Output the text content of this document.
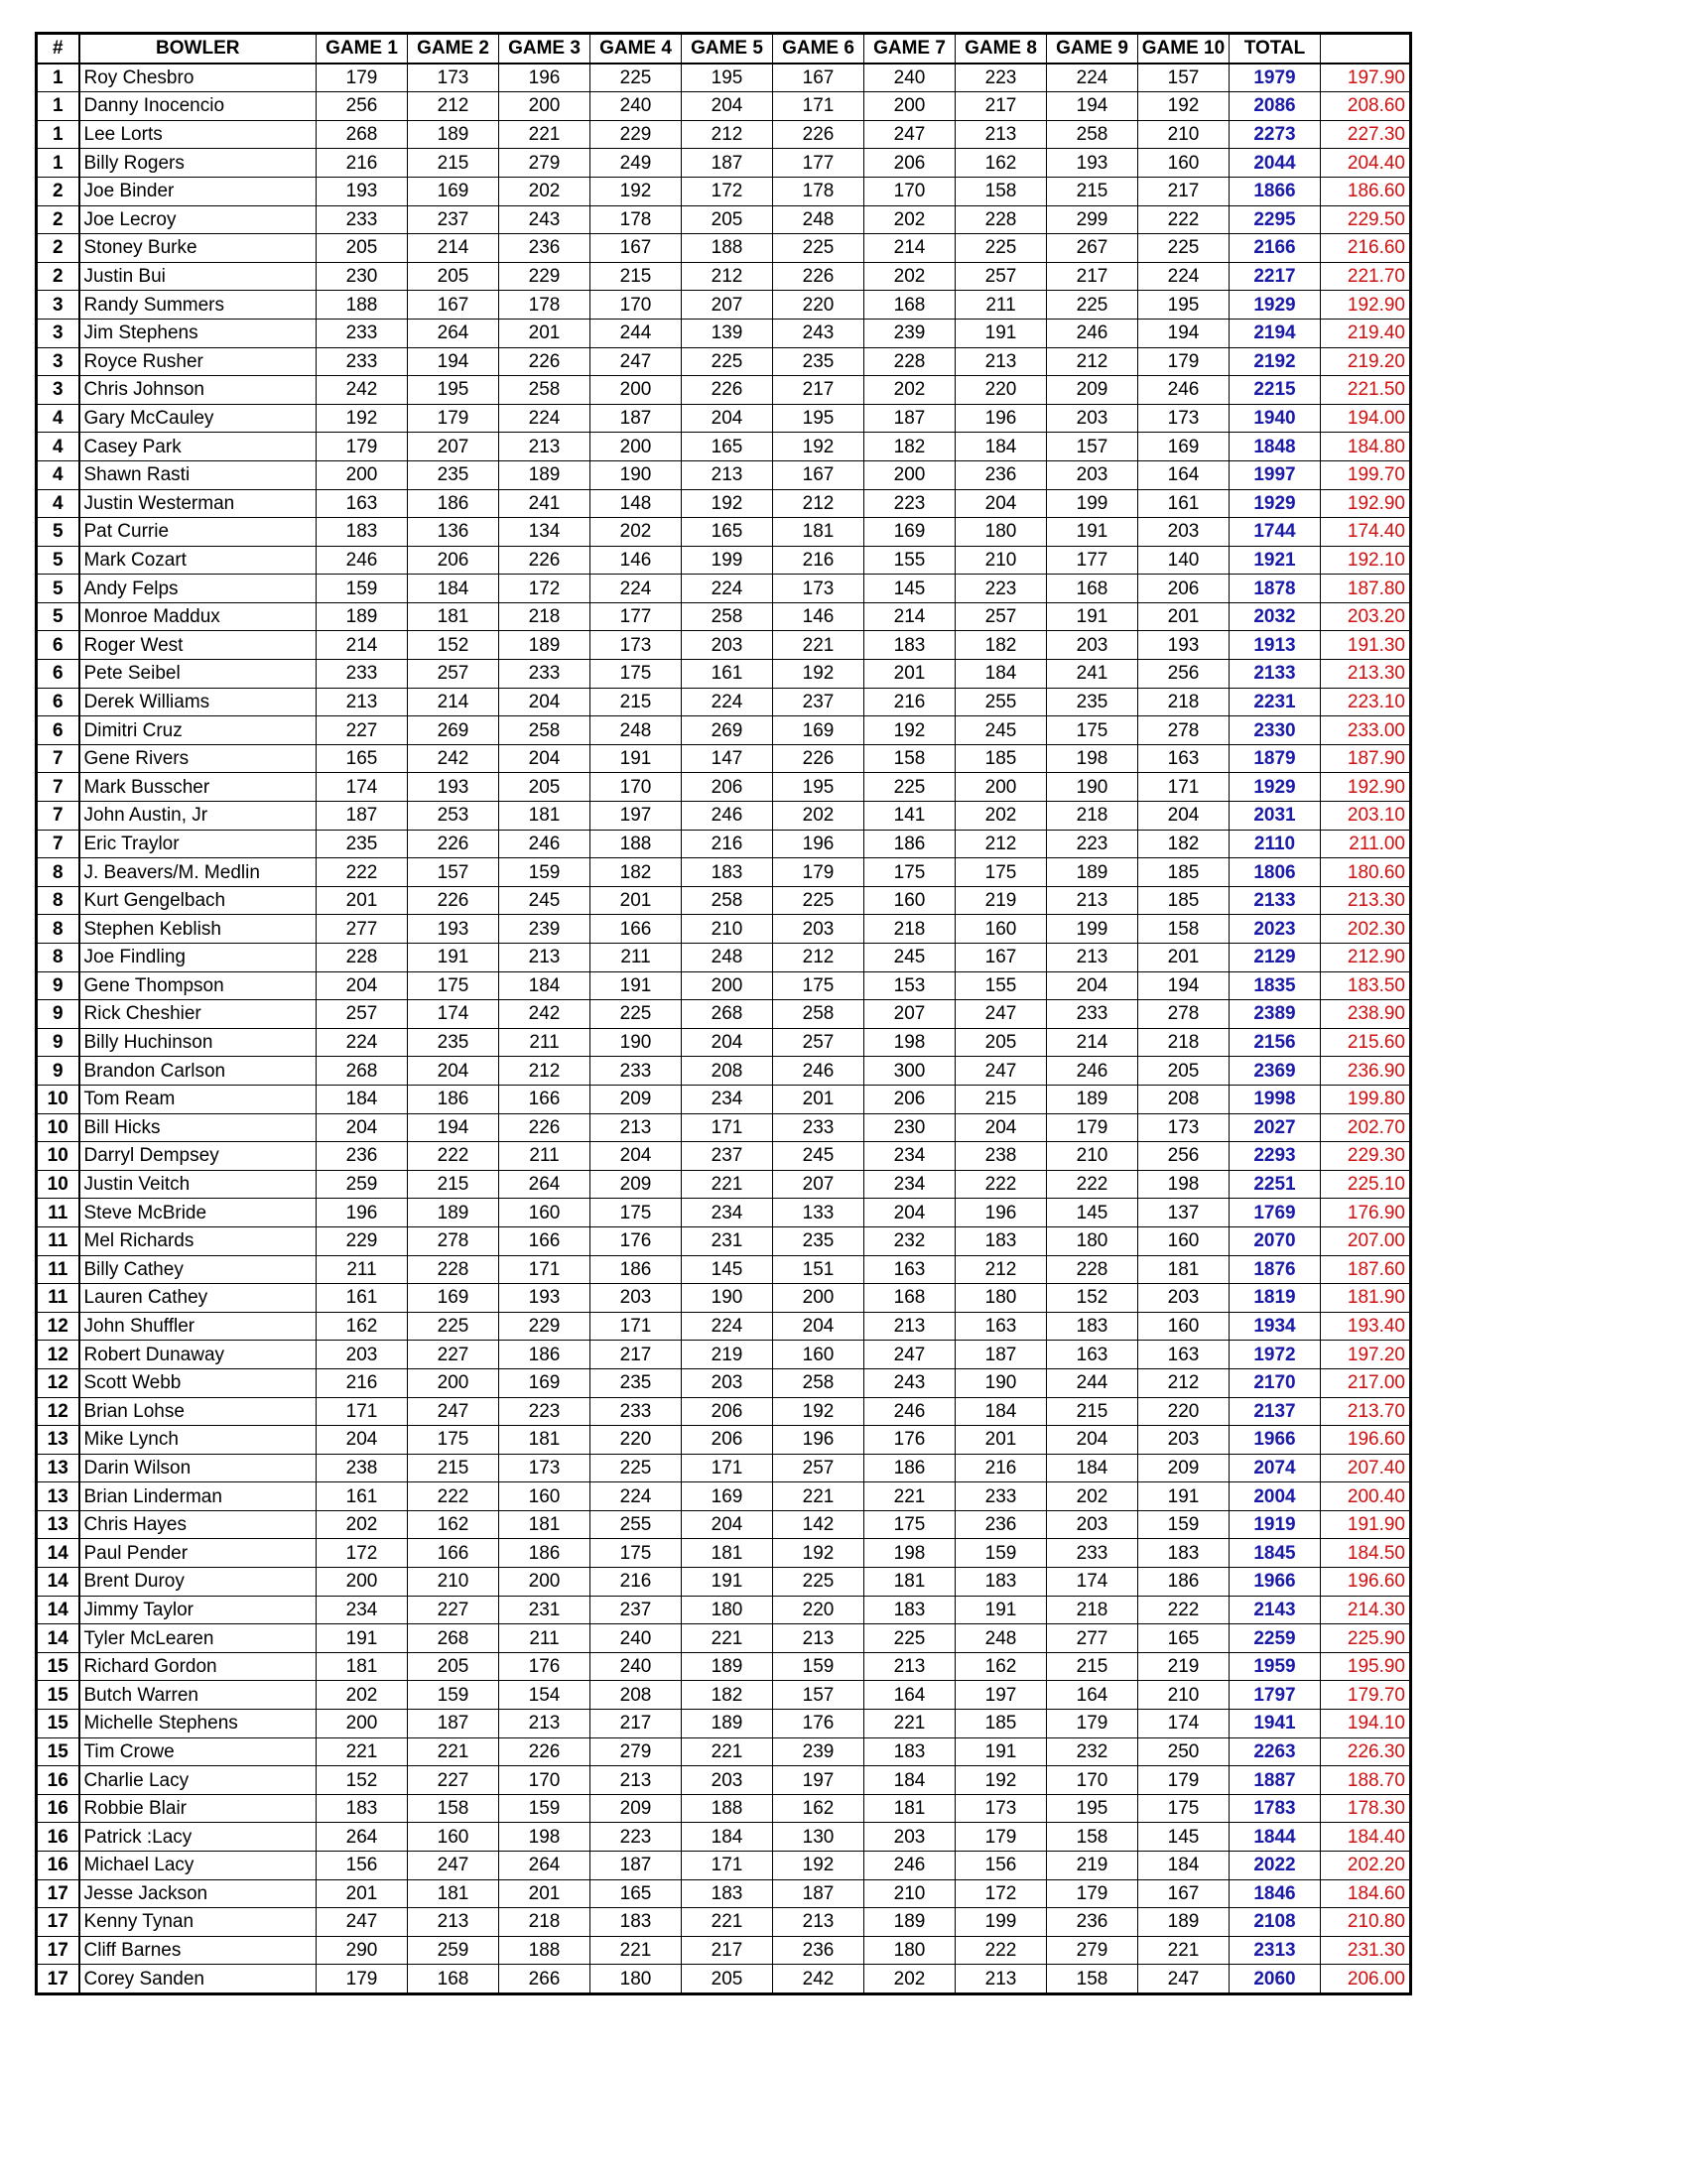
#	BOWLER	GAME 1	GAME 2	GAME 3	GAME 4	GAME 5	GAME 6	GAME 7	GAME 8	GAME 9	GAME 10	TOTAL	
1	Roy Chesbro	179	173	196	225	195	167	240	223	224	157	1979	197.90
1	Danny Inocencio	256	212	200	240	204	171	200	217	194	192	2086	208.60
1	Lee Lorts	268	189	221	229	212	226	247	213	258	210	2273	227.30
1	Billy Rogers	216	215	279	249	187	177	206	162	193	160	2044	204.40
2	Joe Binder	193	169	202	192	172	178	170	158	215	217	1866	186.60
2	Joe Lecroy	233	237	243	178	205	248	202	228	299	222	2295	229.50
2	Stoney Burke	205	214	236	167	188	225	214	225	267	225	2166	216.60
2	Justin Bui	230	205	229	215	212	226	202	257	217	224	2217	221.70
3	Randy Summers	188	167	178	170	207	220	168	211	225	195	1929	192.90
3	Jim Stephens	233	264	201	244	139	243	239	191	246	194	2194	219.40
3	Royce Rusher	233	194	226	247	225	235	228	213	212	179	2192	219.20
3	Chris Johnson	242	195	258	200	226	217	202	220	209	246	2215	221.50
4	Gary McCauley	192	179	224	187	204	195	187	196	203	173	1940	194.00
4	Casey Park	179	207	213	200	165	192	182	184	157	169	1848	184.80
4	Shawn Rasti	200	235	189	190	213	167	200	236	203	164	1997	199.70
4	Justin Westerman	163	186	241	148	192	212	223	204	199	161	1929	192.90
5	Pat Currie	183	136	134	202	165	181	169	180	191	203	1744	174.40
5	Mark Cozart	246	206	226	146	199	216	155	210	177	140	1921	192.10
5	Andy Felps	159	184	172	224	224	173	145	223	168	206	1878	187.80
5	Monroe Maddux	189	181	218	177	258	146	214	257	191	201	2032	203.20
6	Roger West	214	152	189	173	203	221	183	182	203	193	1913	191.30
6	Pete Seibel	233	257	233	175	161	192	201	184	241	256	2133	213.30
6	Derek Williams	213	214	204	215	224	237	216	255	235	218	2231	223.10
6	Dimitri Cruz	227	269	258	248	269	169	192	245	175	278	2330	233.00
7	Gene Rivers	165	242	204	191	147	226	158	185	198	163	1879	187.90
7	Mark Busscher	174	193	205	170	206	195	225	200	190	171	1929	192.90
7	John Austin, Jr	187	253	181	197	246	202	141	202	218	204	2031	203.10
7	Eric Traylor	235	226	246	188	216	196	186	212	223	182	2110	211.00
8	J. Beavers/M. Medlin	222	157	159	182	183	179	175	175	189	185	1806	180.60
8	Kurt Gengelbach	201	226	245	201	258	225	160	219	213	185	2133	213.30
8	Stephen Keblish	277	193	239	166	210	203	218	160	199	158	2023	202.30
8	Joe Findling	228	191	213	211	248	212	245	167	213	201	2129	212.90
9	Gene Thompson	204	175	184	191	200	175	153	155	204	194	1835	183.50
9	Rick Cheshier	257	174	242	225	268	258	207	247	233	278	2389	238.90
9	Billy Huchinson	224	235	211	190	204	257	198	205	214	218	2156	215.60
9	Brandon Carlson	268	204	212	233	208	246	300	247	246	205	2369	236.90
10	Tom Ream	184	186	166	209	234	201	206	215	189	208	1998	199.80
10	Bill Hicks	204	194	226	213	171	233	230	204	179	173	2027	202.70
10	Darryl Dempsey	236	222	211	204	237	245	234	238	210	256	2293	229.30
10	Justin Veitch	259	215	264	209	221	207	234	222	222	198	2251	225.10
11	Steve McBride	196	189	160	175	234	133	204	196	145	137	1769	176.90
11	Mel Richards	229	278	166	176	231	235	232	183	180	160	2070	207.00
11	Billy Cathey	211	228	171	186	145	151	163	212	228	181	1876	187.60
11	Lauren Cathey	161	169	193	203	190	200	168	180	152	203	1819	181.90
12	John Shuffler	162	225	229	171	224	204	213	163	183	160	1934	193.40
12	Robert Dunaway	203	227	186	217	219	160	247	187	163	163	1972	197.20
12	Scott Webb	216	200	169	235	203	258	243	190	244	212	2170	217.00
12	Brian Lohse	171	247	223	233	206	192	246	184	215	220	2137	213.70
13	Mike Lynch	204	175	181	220	206	196	176	201	204	203	1966	196.60
13	Darin Wilson	238	215	173	225	171	257	186	216	184	209	2074	207.40
13	Brian Linderman	161	222	160	224	169	221	221	233	202	191	2004	200.40
13	Chris Hayes	202	162	181	255	204	142	175	236	203	159	1919	191.90
14	Paul Pender	172	166	186	175	181	192	198	159	233	183	1845	184.50
14	Brent Duroy	200	210	200	216	191	225	181	183	174	186	1966	196.60
14	Jimmy Taylor	234	227	231	237	180	220	183	191	218	222	2143	214.30
14	Tyler McLearen	191	268	211	240	221	213	225	248	277	165	2259	225.90
15	Richard Gordon	181	205	176	240	189	159	213	162	215	219	1959	195.90
15	Butch Warren	202	159	154	208	182	157	164	197	164	210	1797	179.70
15	Michelle Stephens	200	187	213	217	189	176	221	185	179	174	1941	194.10
15	Tim Crowe	221	221	226	279	221	239	183	191	232	250	2263	226.30
16	Charlie Lacy	152	227	170	213	203	197	184	192	170	179	1887	188.70
16	Robbie Blair	183	158	159	209	188	162	181	173	195	175	1783	178.30
16	Patrick :Lacy	264	160	198	223	184	130	203	179	158	145	1844	184.40
16	Michael Lacy	156	247	264	187	171	192	246	156	219	184	2022	202.20
17	Jesse Jackson	201	181	201	165	183	187	210	172	179	167	1846	184.60
17	Kenny Tynan	247	213	218	183	221	213	189	199	236	189	2108	210.80
17	Cliff Barnes	290	259	188	221	217	236	180	222	279	221	2313	231.30
17	Corey Sanden	179	168	266	180	205	242	202	213	158	247	2060	206.00
